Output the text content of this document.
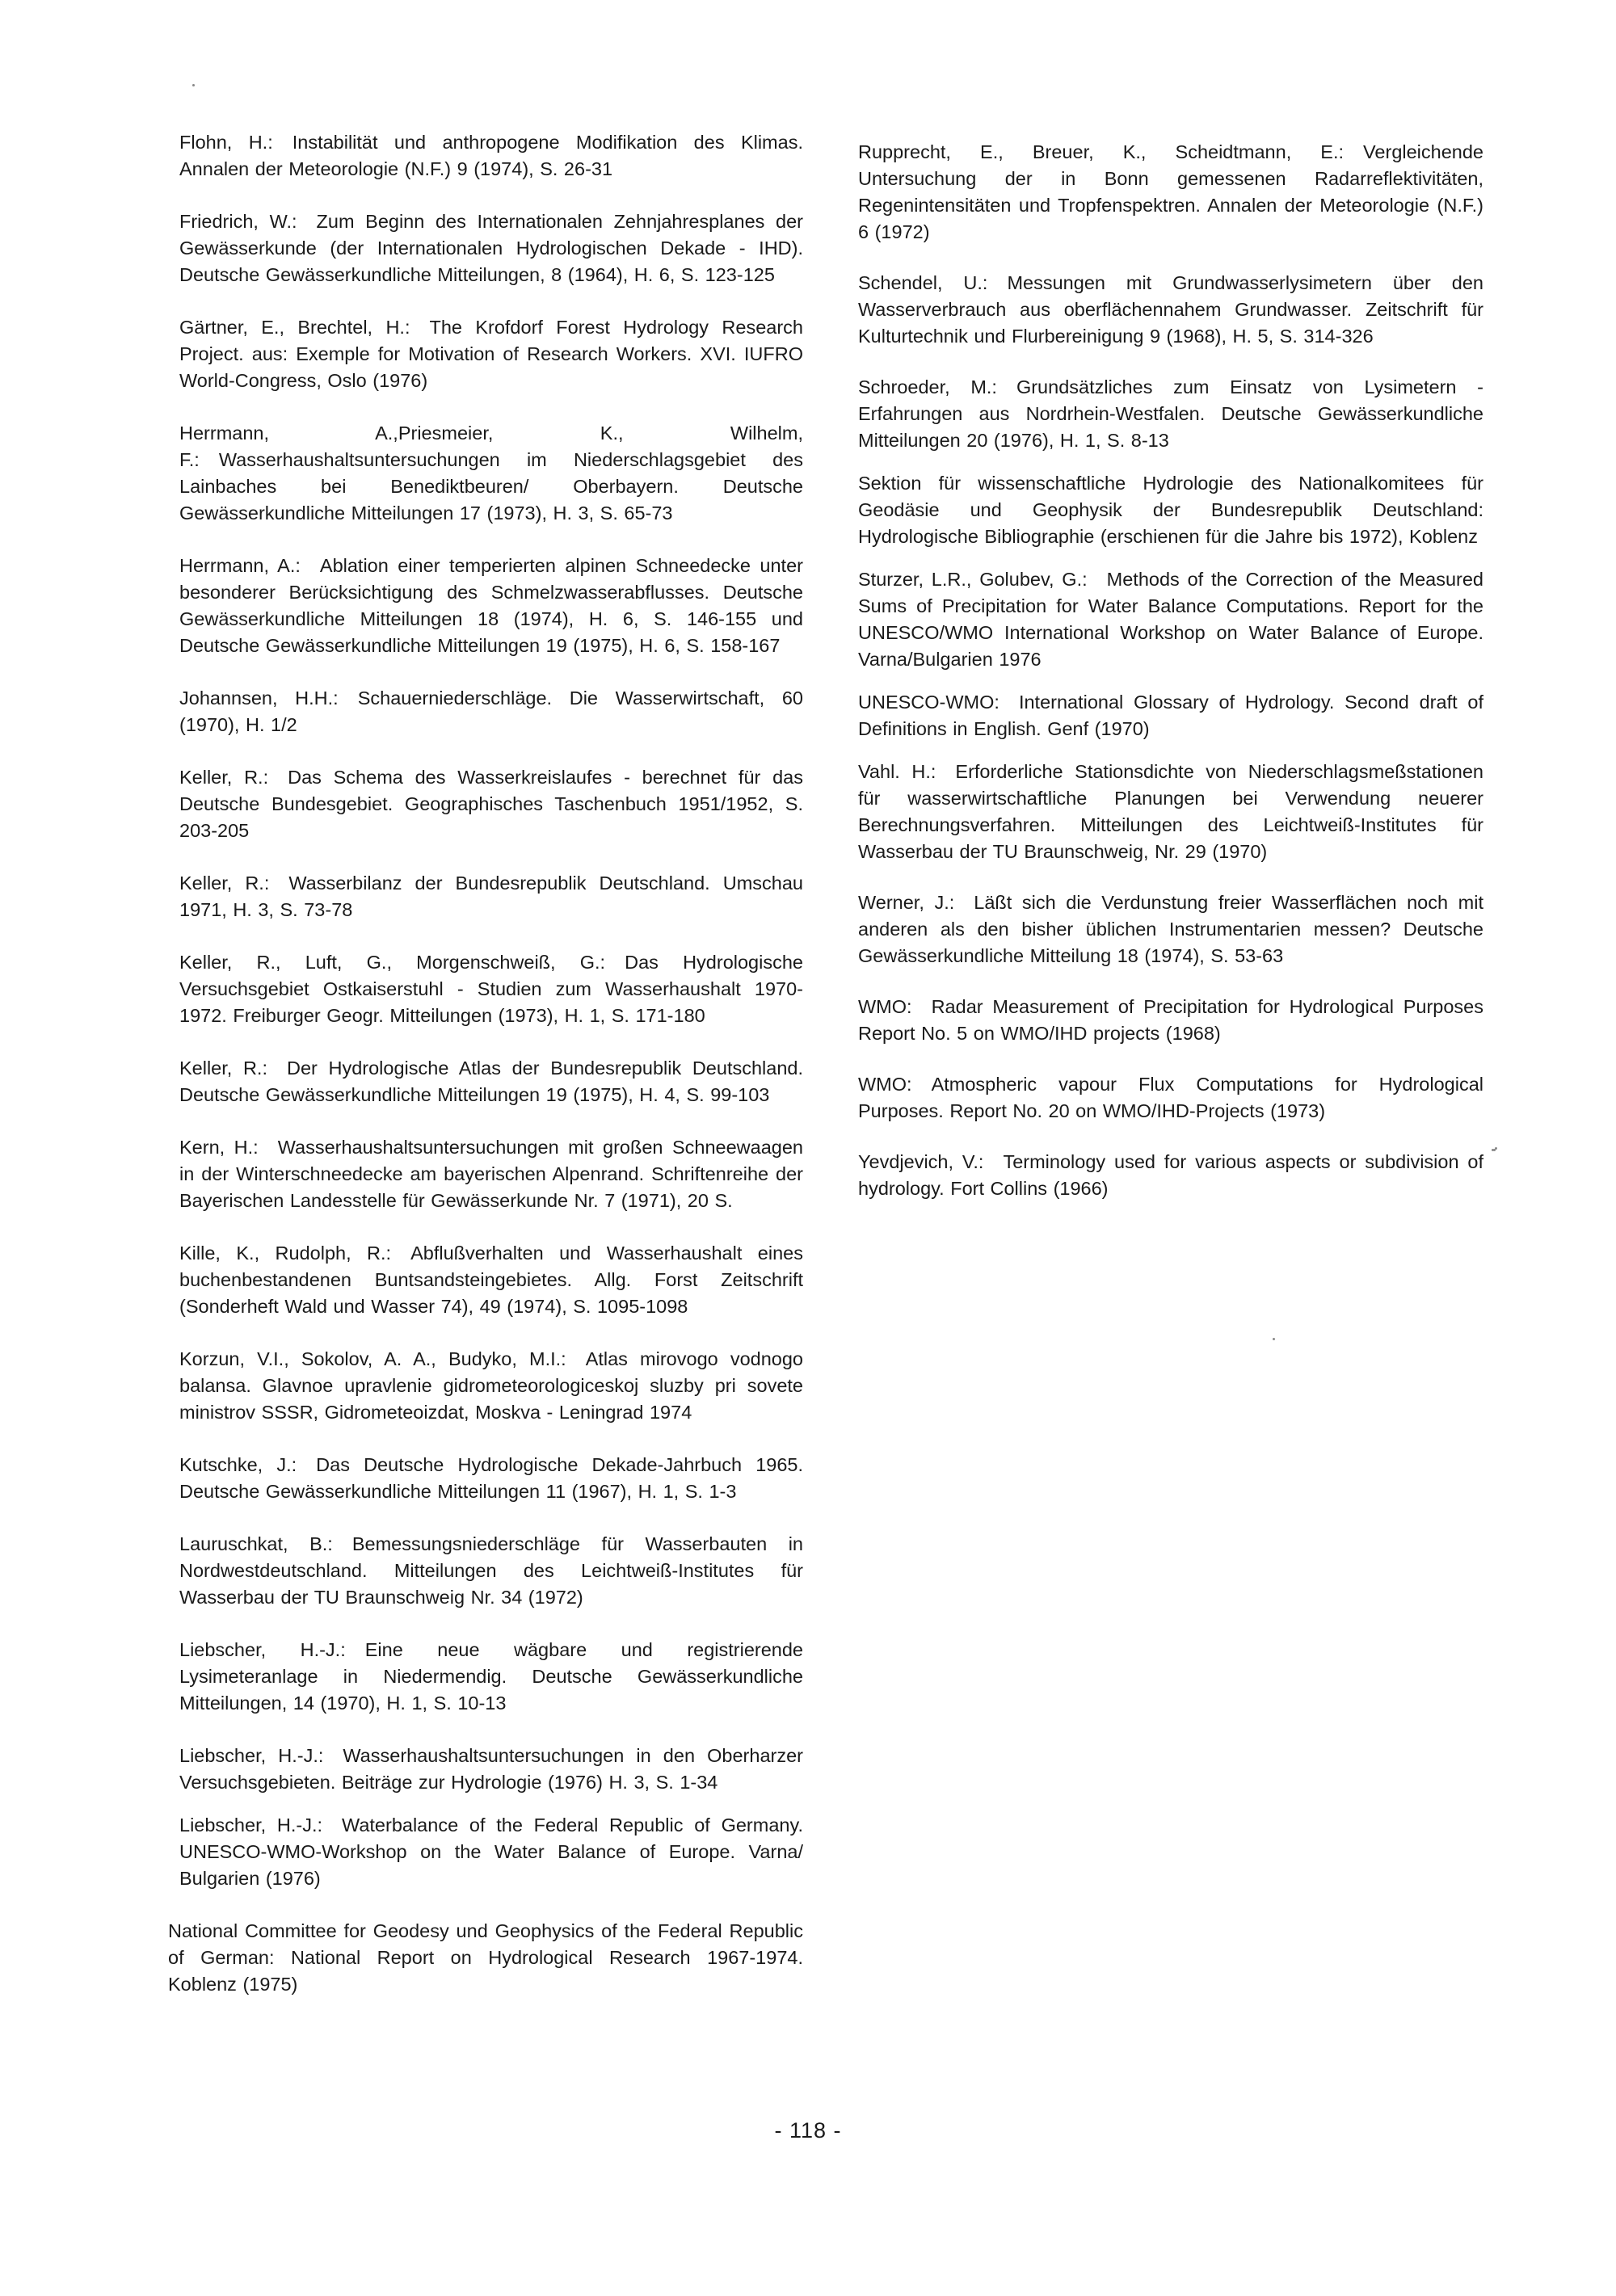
Flohn, H.: Instabilität und anthropogene Modifikation des Klimas. Annalen der Meteorologie (N.F.) 9 (1974), S. 26-31

Friedrich, W.: Zum Beginn des Internationalen Zehnjahresplanes der Gewässerkunde (der Internationalen Hydrologischen Dekade - IHD). Deutsche Gewässerkundliche Mitteilungen, 8 (1964), H. 6, S. 123-125

Gärtner, E., Brechtel, H.: The Krofdorf Forest Hydrology Research Project. aus: Exemple for Motivation of Research Workers. XVI. IUFRO World-Congress, Oslo (1976)

Herrmann, A.,Priesmeier, K., Wilhelm, F.: Wasserhaushaltsuntersuchungen im Niederschlagsgebiet des Lainbaches bei Benediktbeuren/ Oberbayern. Deutsche Gewässerkundliche Mitteilungen 17 (1973), H. 3, S. 65-73

Herrmann, A.: Ablation einer temperierten alpinen Schneedecke unter besonderer Berücksichtigung des Schmelzwasserabflusses. Deutsche Gewässerkundliche Mitteilungen 18 (1974), H. 6, S. 146-155 und Deutsche Gewässerkundliche Mitteilungen 19 (1975), H. 6, S. 158-167

Johannsen, H.H.: Schauerniederschläge. Die Wasserwirtschaft, 60 (1970), H. 1/2

Keller, R.: Das Schema des Wasserkreislaufes - berechnet für das Deutsche Bundesgebiet. Geographisches Taschenbuch 1951/1952, S. 203-205

Keller, R.: Wasserbilanz der Bundesrepublik Deutschland. Umschau 1971, H. 3, S. 73-78

Keller, R., Luft, G., Morgenschweiß, G.: Das Hydrologische Versuchsgebiet Ostkaiserstuhl - Studien zum Wasserhaushalt 1970-1972. Freiburger Geogr. Mitteilungen (1973), H. 1, S. 171-180

Keller, R.: Der Hydrologische Atlas der Bundesrepublik Deutschland. Deutsche Gewässerkundliche Mitteilungen 19 (1975), H. 4, S. 99-103

Kern, H.: Wasserhaushaltsuntersuchungen mit großen Schneewaagen in der Winterschneedecke am bayerischen Alpenrand. Schriftenreihe der Bayerischen Landesstelle für Gewässerkunde Nr. 7 (1971), 20 S.

Kille, K., Rudolph, R.: Abflußverhalten und Wasserhaushalt eines buchenbestandenen Buntsandsteingebietes. Allg. Forst Zeitschrift (Sonderheft Wald und Wasser 74), 49 (1974), S. 1095-1098

Korzun, V.I., Sokolov, A. A., Budyko, M.I.: Atlas mirovogo vodnogo balansa. Glavnoe upravlenie gidrometeorologiceskoj sluzby pri sovete ministrov SSSR, Gidrometeoizdat, Moskva - Leningrad 1974

Kutschke, J.: Das Deutsche Hydrologische Dekade-Jahrbuch 1965. Deutsche Gewässerkundliche Mitteilungen 11 (1967), H. 1, S. 1-3

Lauruschkat, B.: Bemessungsniederschläge für Wasserbauten in Nordwestdeutschland. Mitteilungen des Leichtweiß-Institutes für Wasserbau der TU Braunschweig Nr. 34 (1972)

Liebscher, H.-J.: Eine neue wägbare und registrierende Lysimeteranlage in Niedermendig. Deutsche Gewässerkundliche Mitteilungen, 14 (1970), H. 1, S. 10-13

Liebscher, H.-J.: Wasserhaushaltsuntersuchungen in den Oberharzer Versuchsgebieten. Beiträge zur Hydrologie (1976) H. 3, S. 1-34

Liebscher, H.-J.: Waterbalance of the Federal Republic of Germany. UNESCO-WMO-Workshop on the Water Balance of Europe. Varna/ Bulgarien (1976)

National Committee for Geodesy und Geophysics of the Federal Republic of German: National Report on Hydrological Research 1967-1974. Koblenz (1975)

Rupprecht, E., Breuer, K., Scheidtmann, E.: Vergleichende Untersuchung der in Bonn gemessenen Radarreflektivitäten, Regenintensitäten und Tropfenspektren. Annalen der Meteorologie (N.F.) 6 (1972)

Schendel, U.: Messungen mit Grundwasserlysimetern über den Wasserverbrauch aus oberflächennahem Grundwasser. Zeitschrift für Kulturtechnik und Flurbereinigung 9 (1968), H. 5, S. 314-326

Schroeder, M.: Grundsätzliches zum Einsatz von Lysimetern - Erfahrungen aus Nordrhein-Westfalen. Deutsche Gewässerkundliche Mitteilungen 20 (1976), H. 1, S. 8-13

Sektion für wissenschaftliche Hydrologie des Nationalkomitees für Geodäsie und Geophysik der Bundesrepublik Deutschland: Hydrologische Bibliographie (erschienen für die Jahre bis 1972), Koblenz

Sturzer, L.R., Golubev, G.: Methods of the Correction of the Measured Sums of Precipitation for Water Balance Computations. Report for the UNESCO/WMO International Workshop on Water Balance of Europe. Varna/Bulgarien 1976

UNESCO-WMO: International Glossary of Hydrology. Second draft of Definitions in English. Genf (1970)

Vahl. H.: Erforderliche Stationsdichte von Niederschlagsmeßstationen für wasserwirtschaftliche Planungen bei Verwendung neuerer Berechnungsverfahren. Mitteilungen des Leichtweiß-Institutes für Wasserbau der TU Braunschweig, Nr. 29 (1970)

Werner, J.: Läßt sich die Verdunstung freier Wasserflächen noch mit anderen als den bisher üblichen Instrumentarien messen? Deutsche Gewässerkundliche Mitteilung 18 (1974), S. 53-63

WMO: Radar Measurement of Precipitation for Hydrological Purposes Report No. 5 on WMO/IHD projects (1968)

WMO: Atmospheric vapour Flux Computations for Hydrological Purposes. Report No. 20 on WMO/IHD-Projects (1973)

Yevdjevich, V.: Terminology used for various aspects or subdivision of hydrology. Fort Collins (1966)

- 118 -
